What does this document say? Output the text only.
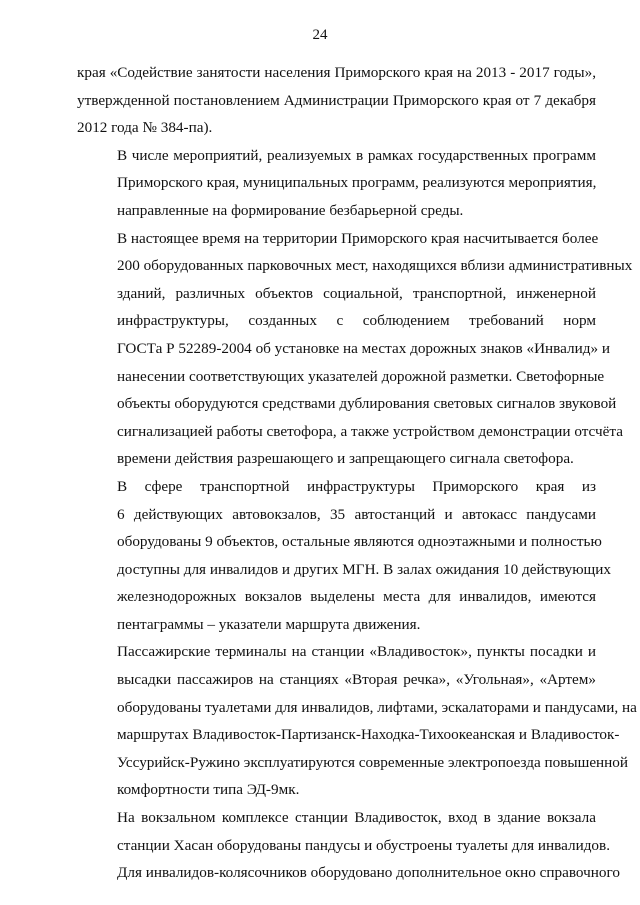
24
края «Содействие занятости населения Приморского края на 2013 - 2017 годы»,
утвержденной постановлением Администрации Приморского края от 7 декабря
2012 года № 384-па).
В числе мероприятий, реализуемых в рамках государственных программ
Приморского края, муниципальных программ, реализуются мероприятия,
направленные на формирование безбарьерной среды.
В настоящее время на территории Приморского края насчитывается более
200 оборудованных парковочных мест, находящихся вблизи административных
зданий, различных объектов социальной, транспортной, инженерной
инфраструктуры, созданных с соблюдением требований норм
ГОСТа Р 52289-2004 об установке на местах дорожных знаков «Инвалид» и
нанесении соответствующих указателей дорожной разметки. Светофорные
объекты оборудуются средствами дублирования световых сигналов звуковой
сигнализацией работы светофора, а также устройством демонстрации отсчёта
времени действия разрешающего и запрещающего сигнала светофора.
В сфере транспортной инфраструктуры Приморского края из
6 действующих автовокзалов, 35 автостанций и автокасс пандусами
оборудованы 9 объектов, остальные являются одноэтажными и полностью
доступны для инвалидов и других МГН. В залах ожидания 10 действующих
железнодорожных вокзалов выделены места для инвалидов, имеются
пентаграммы – указатели маршрута движения.
Пассажирские терминалы на станции «Владивосток», пункты посадки и
высадки пассажиров на станциях «Вторая речка», «Угольная», «Артем»
оборудованы туалетами для инвалидов, лифтами, эскалаторами и пандусами, на
маршрутах Владивосток-Партизанск-Находка-Тихоокеанская и Владивосток-
Уссурийск-Ружино эксплуатируются современные электропоезда повышенной
комфортности типа ЭД-9мк.
На вокзальном комплексе станции Владивосток, вход в здание вокзала
станции Хасан оборудованы пандусы и обустроены туалеты для инвалидов.
Для инвалидов-колясочников оборудовано дополнительное окно справочного
